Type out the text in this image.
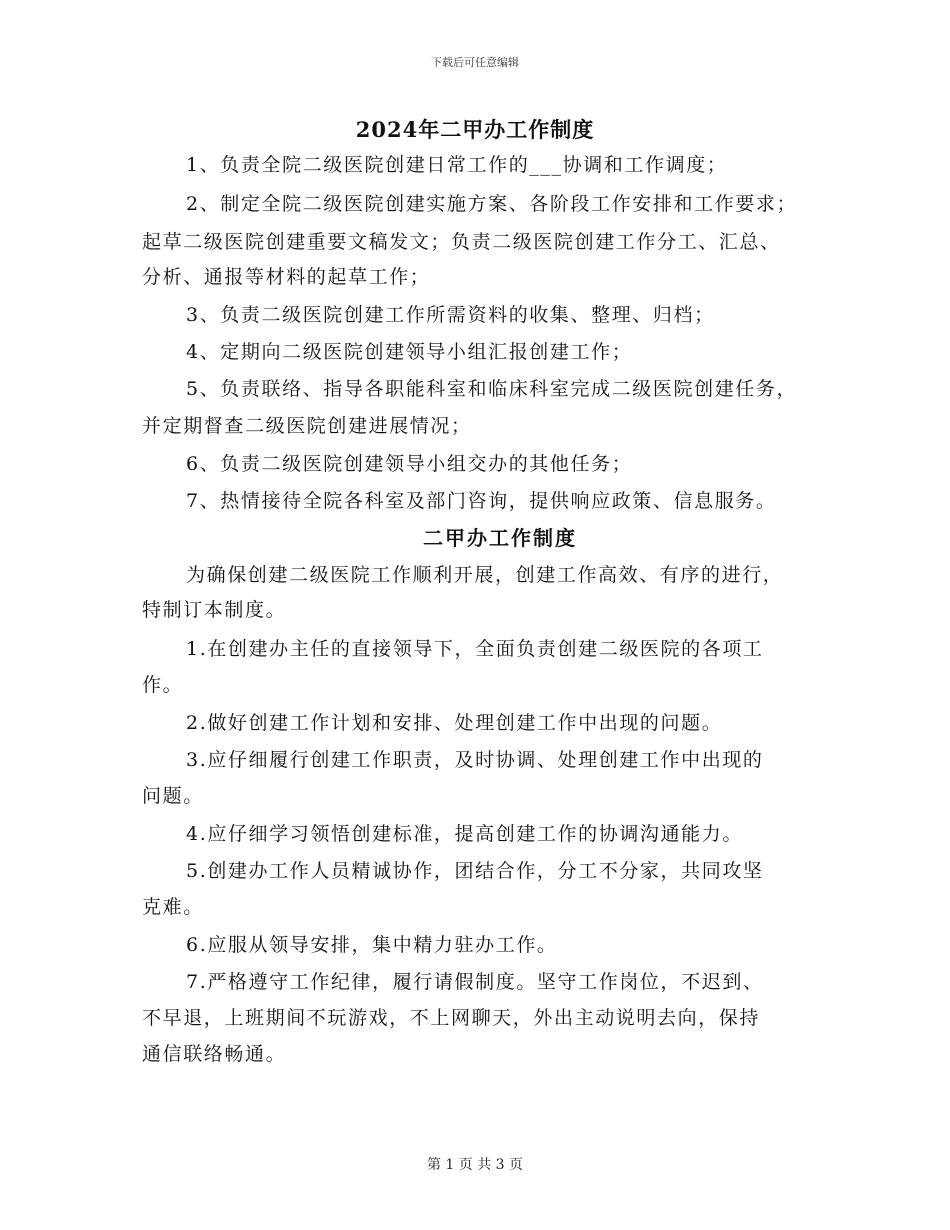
下载后可任意编辑
2024年二甲办工作制度
1、负责全院二级医院创建日常工作的___协调和工作调度；
2、制定全院二级医院创建实施方案、各阶段工作安排和工作要求；
起草二级医院创建重要文稿发文；负责二级医院创建工作分工、汇总、
分析、通报等材料的起草工作；
3、负责二级医院创建工作所需资料的收集、整理、归档；
4、定期向二级医院创建领导小组汇报创建工作；
5、负责联络、指导各职能科室和临床科室完成二级医院创建任务，
并定期督查二级医院创建进展情况；
6、负责二级医院创建领导小组交办的其他任务；
7、热情接待全院各科室及部门咨询，提供响应政策、信息服务。
二甲办工作制度
为确保创建二级医院工作顺利开展，创建工作高效、有序的进行，
特制订本制度。
1.在创建办主任的直接领导下，全面负责创建二级医院的各项工
作。
2.做好创建工作计划和安排、处理创建工作中出现的问题。
3.应仔细履行创建工作职责，及时协调、处理创建工作中出现的
问题。
4.应仔细学习领悟创建标准，提高创建工作的协调沟通能力。
5.创建办工作人员精诚协作，团结合作，分工不分家，共同攻坚
克难。
6.应服从领导安排，集中精力驻办工作。
7.严格遵守工作纪律，履行请假制度。坚守工作岗位，不迟到、
不早退，上班期间不玩游戏，不上网聊天，外出主动说明去向，保持
通信联络畅通。
第 1 页 共 3 页
